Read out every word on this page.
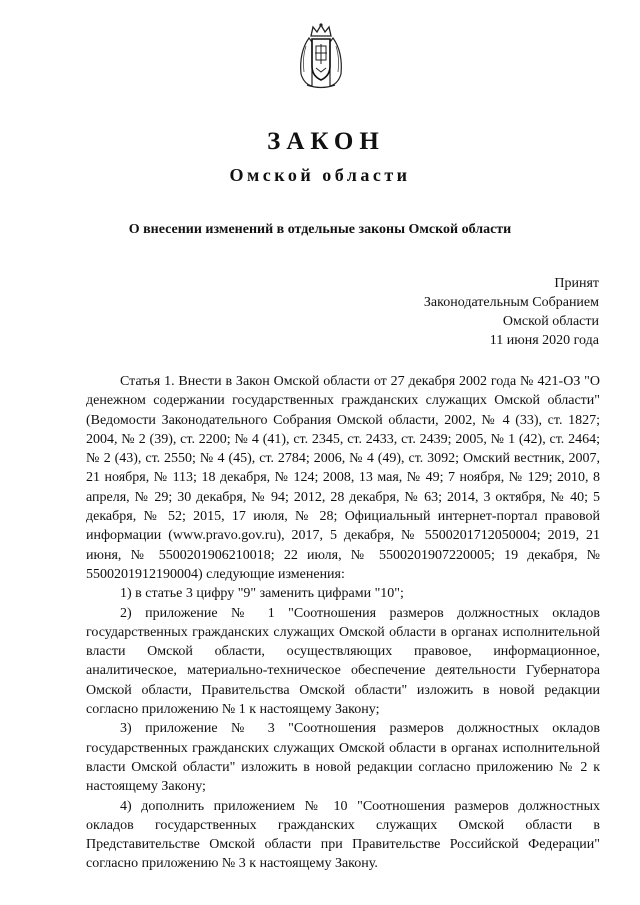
ЗАКОН
Омской области
О внесении изменений в отдельные законы Омской области
Принят
Законодательным Собранием
Омской области
11 июня 2020 года

Статья 1. Внести в Закон Омской области от 27 декабря 2002 года № 421-ОЗ "О денежном содержании государственных гражданских служащих Омской области" (Ведомости Законодательного Собрания Омской области, 2002, № 4 (33), ст. 1827; 2004, № 2 (39), ст. 2200; № 4 (41), ст. 2345, ст. 2433, ст. 2439; 2005, № 1 (42), ст. 2464; № 2 (43), ст. 2550; № 4 (45), ст. 2784; 2006, № 4 (49), ст. 3092; Омский вестник, 2007, 21 ноября, № 113; 18 декабря, № 124; 2008, 13 мая, № 49; 7 ноября, № 129; 2010, 8 апреля, № 29; 30 декабря, № 94; 2012, 28 декабря, № 63; 2014, 3 октября, № 40; 5 декабря, № 52; 2015, 17 июля, № 28; Официальный интернет-портал правовой информации (www.pravo.gov.ru), 2017, 5 декабря, № 5500201712050004; 2019, 21 июня, № 5500201906210018; 22 июля, № 5500201907220005; 19 декабря, № 5500201912190004) следующие изменения:

1) в статье 3 цифру "9" заменить цифрами "10";

2) приложение № 1 "Соотношения размеров должностных окладов государственных гражданских служащих Омской области в органах исполнительной власти Омской области, осуществляющих правовое, информационное, аналитическое, материально-техническое обеспечение деятельности Губернатора Омской области, Правительства Омской области" изложить в новой редакции согласно приложению № 1 к настоящему Закону;

3) приложение № 3 "Соотношения размеров должностных окладов государственных гражданских служащих Омской области в органах исполнительной власти Омской области" изложить в новой редакции согласно приложению № 2 к настоящему Закону;

4) дополнить приложением № 10 "Соотношения размеров должностных окладов государственных гражданских служащих Омской области в Представительстве Омской области при Правительстве Российской Федерации" согласно приложению № 3 к настоящему Закону.
